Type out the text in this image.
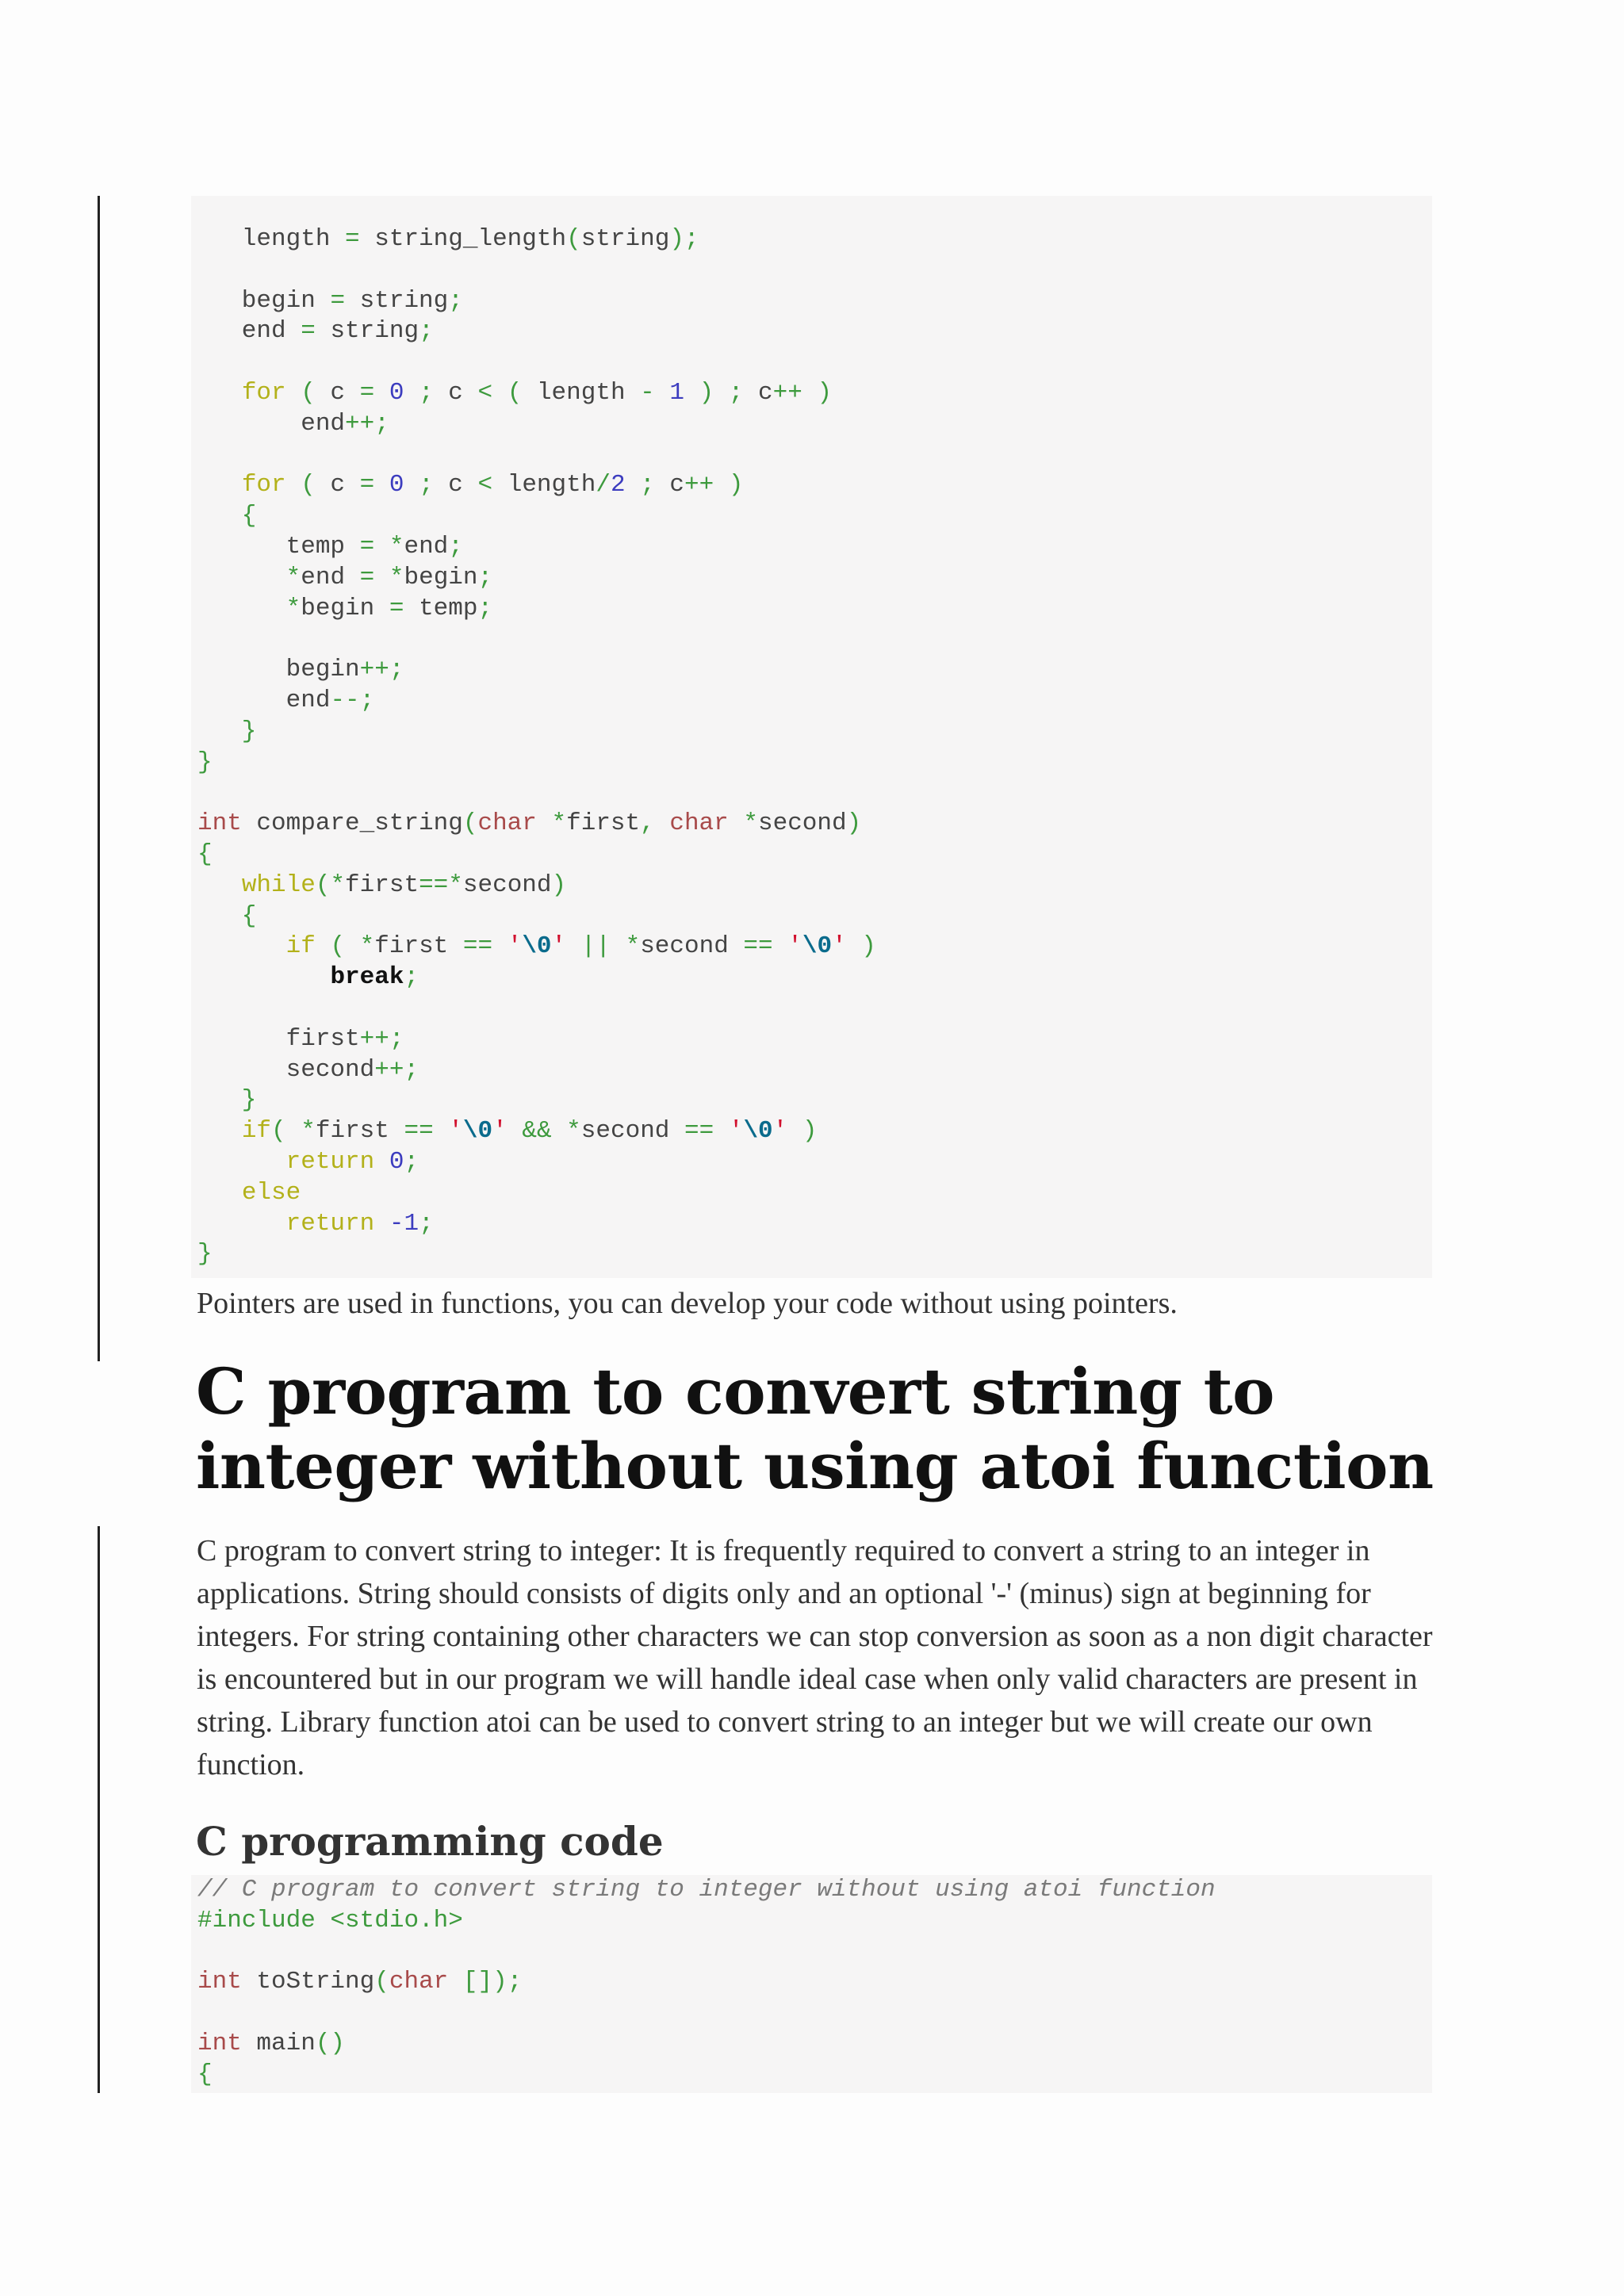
length = string_length(string);

begin = string;
end = string;

for ( c = 0 ; c < ( length - 1 ) ; c++ )
end++;

for ( c = 0 ; c < length/2 ; c++ )
{
temp = *end;
*end = *begin;
*begin = temp;

begin++;
end--;
}
}

int compare_string(char *first, char *second)
{
while(*first==*second)
{
if ( *first == '\0' || *second == '\0' )
break;

first++;
second++;
}
if( *first == '\0' && *second == '\0' )
return 0;
else
return -1;
}

Pointers are used in functions, you can develop your code without using pointers.

C program to convert string to integer without using atoi function

C program to convert string to integer: It is frequently required to convert a string to an integer in applications. String should consists of digits only and an optional '-' (minus) sign at beginning for integers. For string containing other characters we can stop conversion as soon as a non digit character is encountered but in our program we will handle ideal case when only valid characters are present in string. Library function atoi can be used to convert string to an integer but we will create our own function.

C programming code
// C program to convert string to integer without using atoi function
#include <stdio.h>

int toString(char []);

int main()
{
